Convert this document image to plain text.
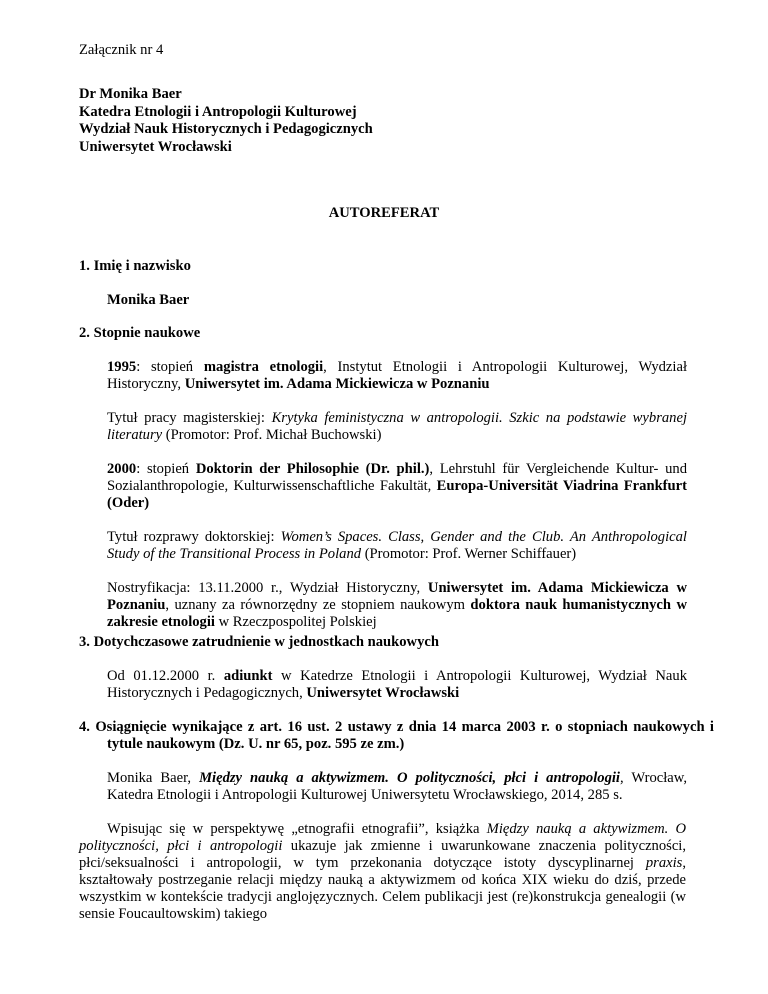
Załącznik nr 4
Dr Monika Baer
Katedra Etnologii i Antropologii Kulturowej
Wydział Nauk Historycznych i Pedagogicznych
Uniwersytet Wrocławski
AUTOREFERAT
1. Imię i nazwisko
Monika Baer
2. Stopnie naukowe
1995: stopień magistra etnologii, Instytut Etnologii i Antropologii Kulturowej, Wydział Historyczny, Uniwersytet im. Adama Mickiewicza w Poznaniu
Tytuł pracy magisterskiej: Krytyka feministyczna w antropologii. Szkic na podstawie wybranej literatury (Promotor: Prof. Michał Buchowski)
2000: stopień Doktorin der Philosophie (Dr. phil.), Lehrstuhl für Vergleichende Kultur- und Sozialanthropologie, Kulturwissenschaftliche Fakultät, Europa-Universität Viadrina Frankfurt (Oder)
Tytuł rozprawy doktorskiej: Women’s Spaces. Class, Gender and the Club. An Anthropological Study of the Transitional Process in Poland (Promotor: Prof. Werner Schiffauer)
Nostryfikacja: 13.11.2000 r., Wydział Historyczny, Uniwersytet im. Adama Mickiewicza w Poznaniu, uznany za równorzędny ze stopniem naukowym doktora nauk humanistycznych w zakresie etnologii w Rzeczpospolitej Polskiej
3. Dotychczasowe zatrudnienie w jednostkach naukowych
Od 01.12.2000 r. adiunkt w Katedrze Etnologii i Antropologii Kulturowej, Wydział Nauk Historycznych i Pedagogicznych, Uniwersytet Wrocławski
4. Osiągnięcie wynikające z art. 16 ust. 2 ustawy z dnia 14 marca 2003 r. o stopniach naukowych i tytule naukowym (Dz. U. nr 65, poz. 595 ze zm.)
Monika Baer, Między nauką a aktywizmem. O polityczności, płci i antropologii, Wrocław, Katedra Etnologii i Antropologii Kulturowej Uniwersytetu Wrocławskiego, 2014, 285 s.
Wpisując się w perspektywę „etnografii etnografii”, książka Między nauką a aktywizmem. O polityczności, płci i antropologii ukazuje jak zmienne i uwarunkowane znaczenia polityczności, płci/seksualności i antropologii, w tym przekonania dotyczące istoty dyscyplinarnej praxis, kształtowały postrzeganie relacji między nauką a aktywizmem od końca XIX wieku do dziś, przede wszystkim w kontekście tradycji anglojęzycznych. Celem publikacji jest (re)konstrukcja genealogii (w sensie Foucaultowskim) takiego
